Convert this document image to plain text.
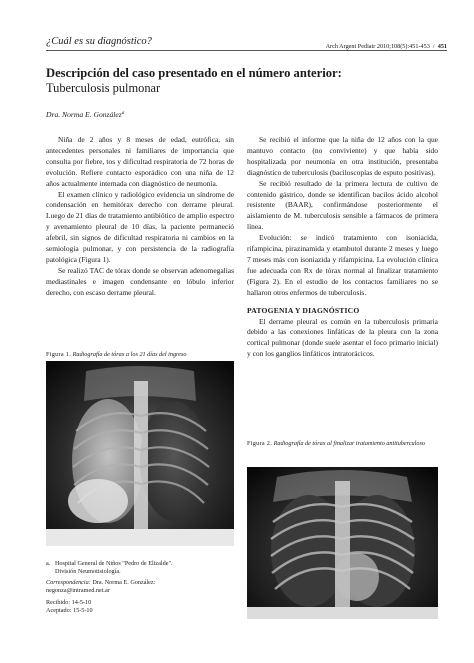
¿Cuál es su diagnóstico?	Arch Argent Pediatr 2010;108(5):451-453 / 451
Descripción del caso presentado en el número anterior:
Tuberculosis pulmonar
Dra. Norma E. Gonzálezª

Niña de 2 años y 8 meses de edad, eutrófica, sin antecedentes personales ni familiares de importancia que consulta por fiebre, tos y dificultad respiratoria de 72 horas de evolución. Refiere contacto esporádico con una niña de 12 años actualmente internada con diagnóstico de neumonía.

El examen clínico y radiológico evidencia un síndrome de condensación en hemitórax derecho con derrame pleural. Luego de 21 días de tratamiento antibiótico de amplio espectro y avenamiento pleural de 10 días, la paciente permaneció afebril, sin signos de dificultad respiratoria ni cambios en la semiología pulmonar, y con persistencia de la radiografía patológica (Figura 1).

Se realizó TAC de tórax donde se observan adenomegalias mediastinales e imagen condensante en lóbulo inferior derecho, con escaso derrame pleural.

Se recibió el informe que la niña de 12 años con la que mantuvo contacto (no conviviente) y que había sido hospitalizada por neumonía en otra institución, presentaba diagnóstico de tuberculosis (baciloscopías de esputo positivas).

Se recibió resultado de la primera lectura de cultivo de contenido gástrico, donde se identifican bacilos ácido alcohol resistente (BAAR), confirmándose posteriormente el aislamiento de M. tuberculosis sensible a fármacos de primera línea.

Evolución: se indicó tratamiento con isoniacida, rifampicina, pirazinamida y etambutol durante 2 meses y luego 7 meses más con isoniazida y rifampicina. La evolución clínica fue adecuada con Rx de tórax normal al finalizar tratamiento (Figura 2). En el estudio de los contactos familiares no se hallaron otros enfermos de tuberculosis.

PATOGENIA Y DIAGNÓSTICO

El derrame pleural es común en la tuberculosis primaria debido a las conexiones linfáticas de la pleura con la zona cortical pulmonar (donde suele asentar el foco primario inicial) y con los ganglios linfáticos intratorácicos.

Figura 1. Radiografía de tórax a los 21 días del ingreso
Figura 2. Radiografía de tórax al finalizar tratamiento antituberculoso
a. Hospital General de Niños "Pedro de Elizalde".
División Neumotisiología.
Correspondencia: Dra. Norma E. González:
negonza@intramed.net.ar
Recibido: 14-5-10
Aceptado: 15-5-10
